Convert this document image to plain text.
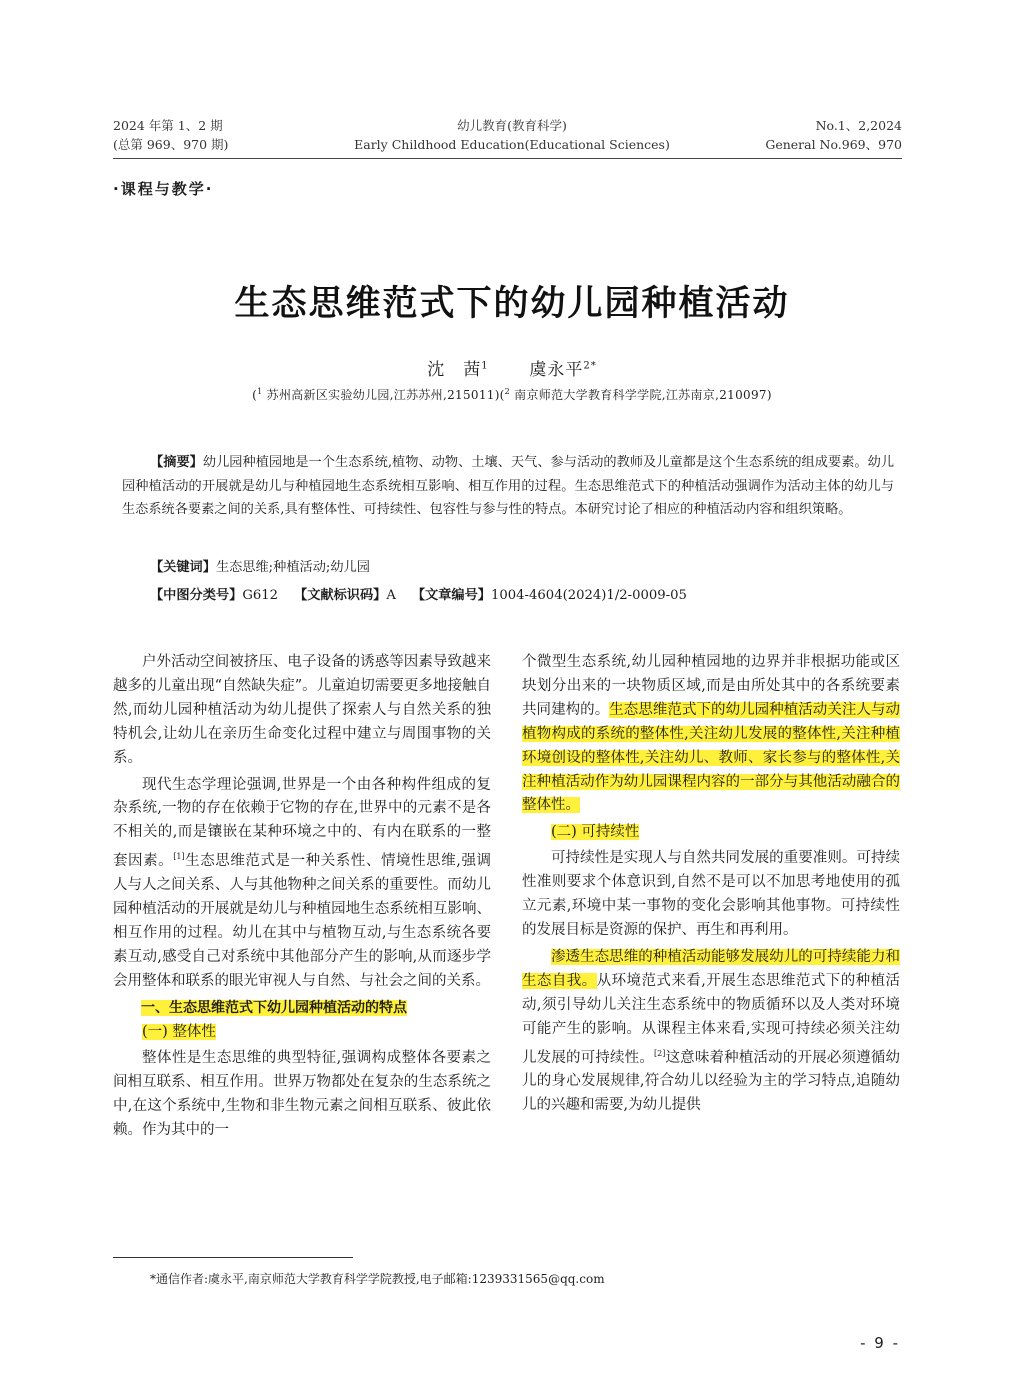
2024 年第 1、2 期
(总第 969、970 期)
幼儿教育(教育科学)
Early Childhood Education(Educational Sciences)
No.1、2,2024
General No.969、970
·课程与教学·
生态思维范式下的幼儿园种植活动
沈　茜$^1$ 虞永平$^{2*}$
($^1$ 苏州高新区实验幼儿园,江苏苏州,215011)($^2$ 南京师范大学教育科学学院,江苏南京,210097)
【摘要】幼儿园种植园地是一个生态系统,植物、动物、土壤、天气、参与活动的教师及儿童都是这个生态系统的组成要素。幼儿园种植活动的开展就是幼儿与种植园地生态系统相互影响、相互作用的过程。生态思维范式下的种植活动强调作为活动主体的幼儿与生态系统各要素之间的关系,具有整体性、可持续性、包容性与参与性的特点。本研究讨论了相应的种植活动内容和组织策略。
【关键词】生态思维;种植活动;幼儿园
【中图分类号】G612 【文献标识码】A 【文章编号】1004-4604(2024)1/2-0009-05

户外活动空间被挤压、电子设备的诱惑等因素导致越来越多的儿童出现“自然缺失症”。儿童迫切需要更多地接触自然,而幼儿园种植活动为幼儿提供了探索人与自然关系的独特机会,让幼儿在亲历生命变化过程中建立与周围事物的关系。

现代生态学理论强调,世界是一个由各种构件组成的复杂系统,一物的存在依赖于它物的存在,世界中的元素不是各不相关的,而是镶嵌在某种环境之中的、有内在联系的一整套因素。[1]生态思维范式是一种关系性、情境性思维,强调人与人之间关系、人与其他物种之间关系的重要性。而幼儿园种植活动的开展就是幼儿与种植园地生态系统相互影响、相互作用的过程。幼儿在其中与植物互动,与生态系统各要素互动,感受自己对系统中其他部分产生的影响,从而逐步学会用整体和联系的眼光审视人与自然、与社会之间的关系。

一、生态思维范式下幼儿园种植活动的特点
(一) 整体性

整体性是生态思维的典型特征,强调构成整体各要素之间相互联系、相互作用。世界万物都处在复杂的生态系统之中,在这个系统中,生物和非生物元素之间相互联系、彼此依赖。作为其中的一

个微型生态系统,幼儿园种植园地的边界并非根据功能或区块划分出来的一块物质区域,而是由所处其中的各系统要素共同建构的。生态思维范式下的幼儿园种植活动关注人与动植物构成的系统的整体性,关注幼儿发展的整体性,关注种植环境创设的整体性,关注幼儿、教师、家长参与的整体性,关注种植活动作为幼儿园课程内容的一部分与其他活动融合的整体性。

(二) 可持续性

可持续性是实现人与自然共同发展的重要准则。可持续性准则要求个体意识到,自然不是可以不加思考地使用的孤立元素,环境中某一事物的变化会影响其他事物。可持续性的发展目标是资源的保护、再生和再利用。

渗透生态思维的种植活动能够发展幼儿的可持续能力和生态自我。从环境范式来看,开展生态思维范式下的种植活动,须引导幼儿关注生态系统中的物质循环以及人类对环境可能产生的影响。从课程主体来看,实现可持续必须关注幼儿发展的可持续性。[2]这意味着种植活动的开展必须遵循幼儿的身心发展规律,符合幼儿以经验为主的学习特点,追随幼儿的兴趣和需要,为幼儿提供

*通信作者:虞永平,南京师范大学教育科学学院教授,电子邮箱:1239331565@qq.com
- 9 -
